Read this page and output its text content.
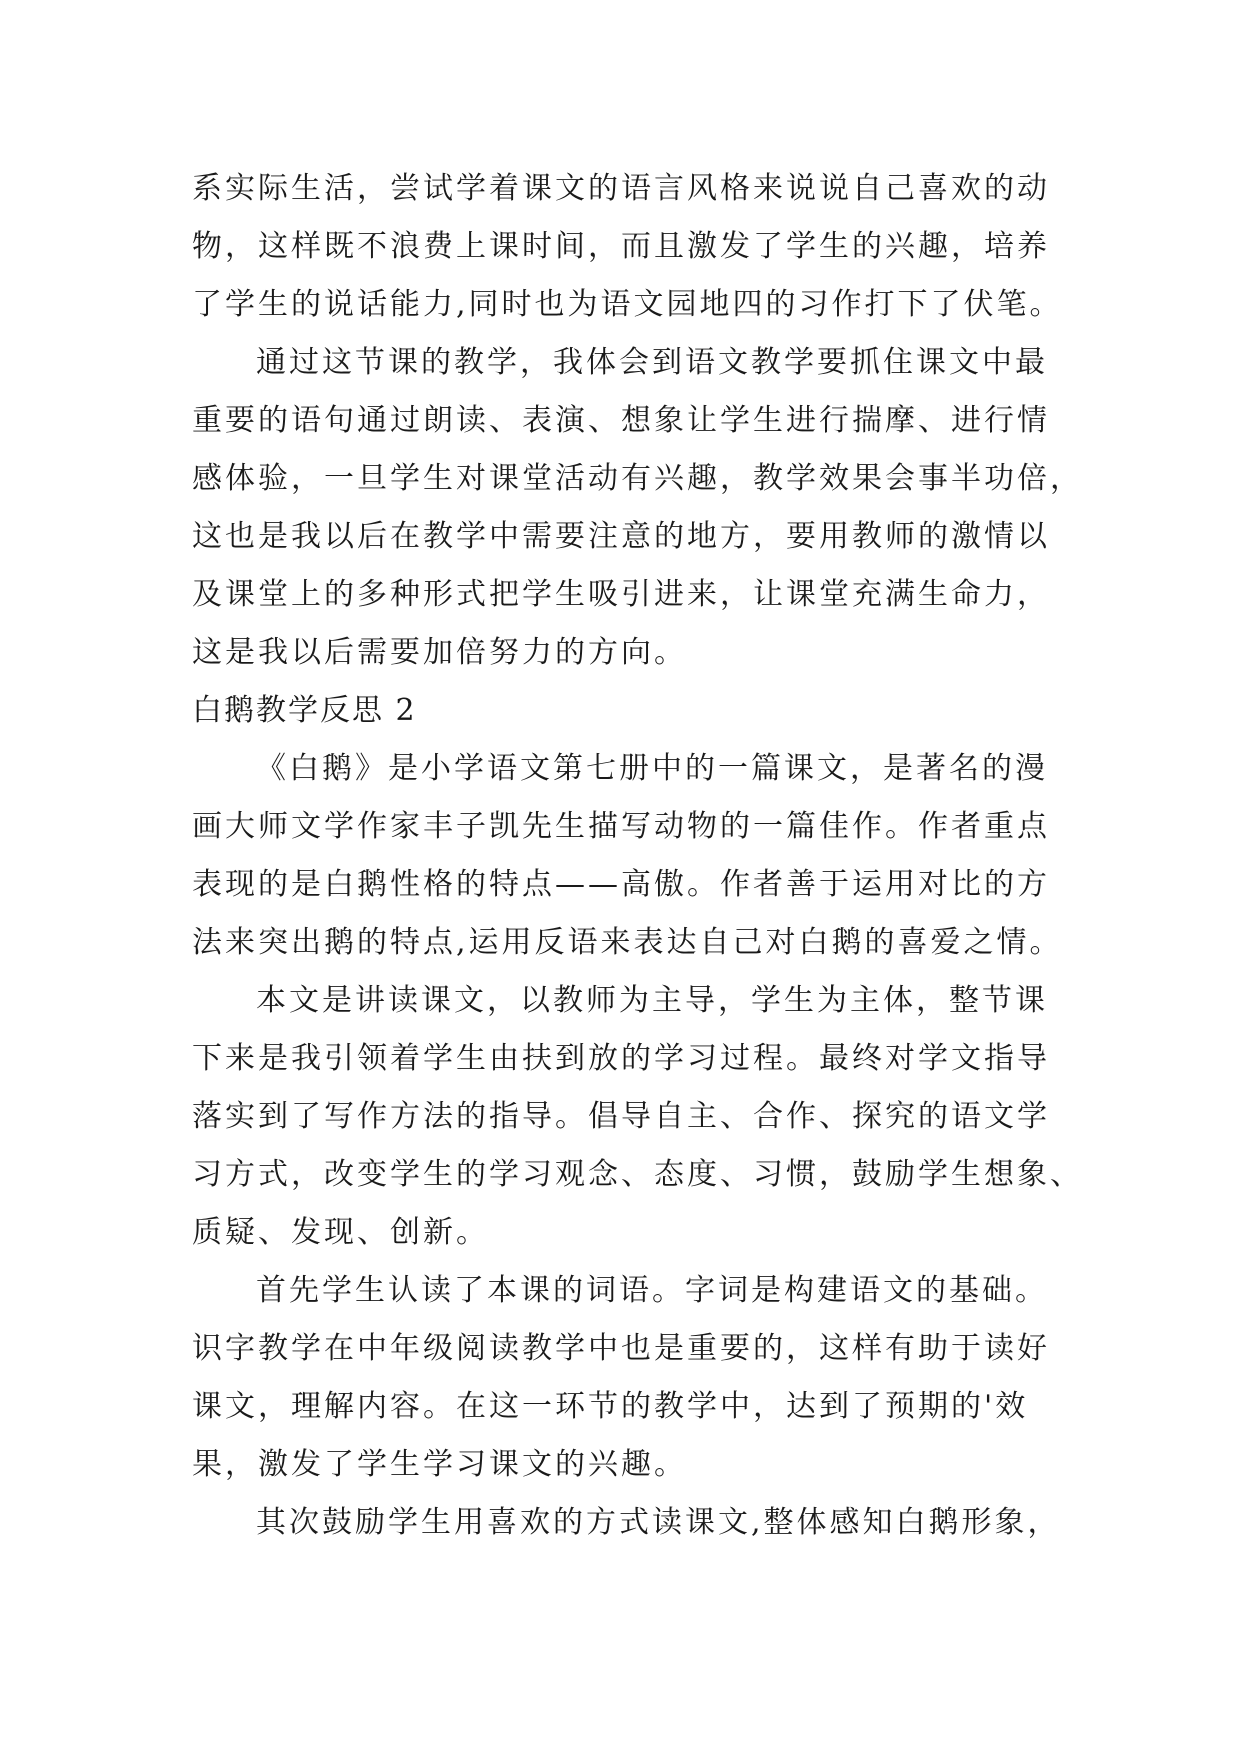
系实际生活，尝试学着课文的语言风格来说说自己喜欢的动
物，这样既不浪费上课时间，而且激发了学生的兴趣，培养
了学生的说话能力,同时也为语文园地四的习作打下了伏笔。
通过这节课的教学，我体会到语文教学要抓住课文中最
重要的语句通过朗读、表演、想象让学生进行揣摩、进行情
感体验，一旦学生对课堂活动有兴趣，教学效果会事半功倍，
这也是我以后在教学中需要注意的地方，要用教师的激情以
及课堂上的多种形式把学生吸引进来，让课堂充满生命力，
这是我以后需要加倍努力的方向。
白鹅教学反思 2
《白鹅》是小学语文第七册中的一篇课文，是著名的漫
画大师文学作家丰子凯先生描写动物的一篇佳作。作者重点
表现的是白鹅性格的特点——高傲。作者善于运用对比的方
法来突出鹅的特点,运用反语来表达自己对白鹅的喜爱之情。
本文是讲读课文，以教师为主导，学生为主体，整节课
下来是我引领着学生由扶到放的学习过程。最终对学文指导
落实到了写作方法的指导。倡导自主、合作、探究的语文学
习方式，改变学生的学习观念、态度、习惯，鼓励学生想象、
质疑、发现、创新。
首先学生认读了本课的词语。字词是构建语文的基础。
识字教学在中年级阅读教学中也是重要的，这样有助于读好
课文，理解内容。在这一环节的教学中，达到了预期的'效
果，激发了学生学习课文的兴趣。
其次鼓励学生用喜欢的方式读课文,整体感知白鹅形象，
